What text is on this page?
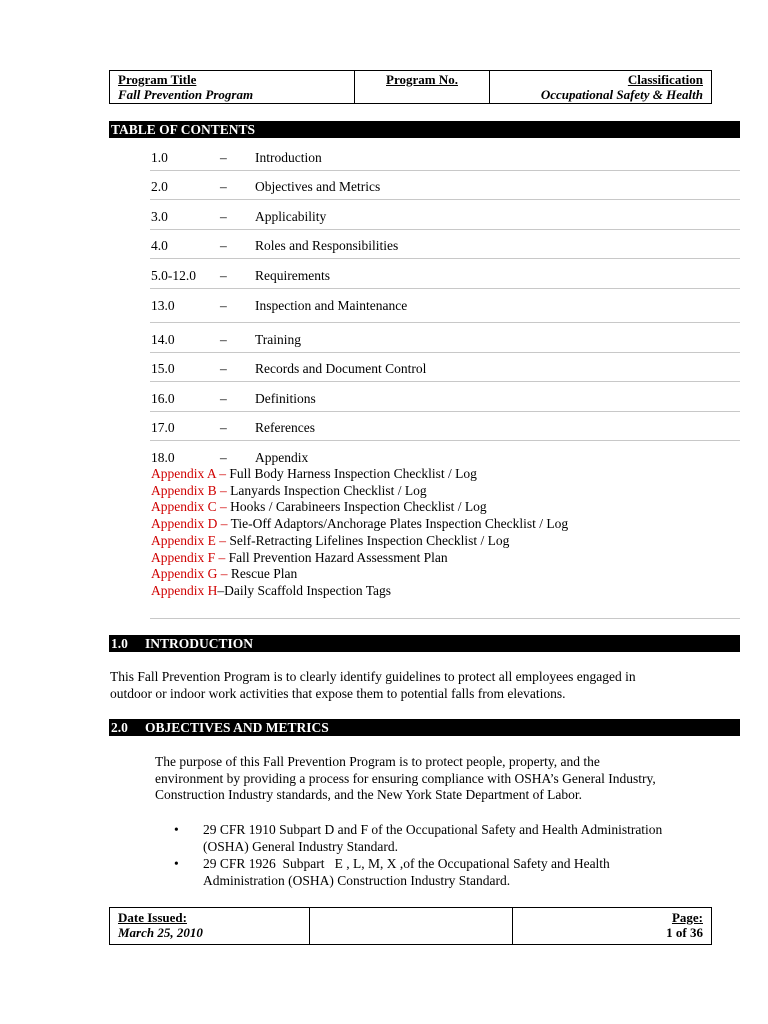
Program Title
Fall Prevention Program
Program No.	Classification
Occupational Safety & Health
TABLE OF CONTENTS
1.0	– Introduction
2.0	– Objectives and Metrics
3.0	– Applicability
4.0	– Roles and Responsibilities
5.0-12.0 – Requirements
13.0	– Inspection and Maintenance
14.0	– Training
15.0	– Records and Document Control
16.0	– Definitions
17.0	– References
18.0	– Appendix
Appendix A – Full Body Harness Inspection Checklist / Log
Appendix B – Lanyards Inspection Checklist / Log
Appendix C – Hooks / Carabineers Inspection Checklist / Log
Appendix D – Tie-Off Adaptors/Anchorage Plates Inspection Checklist / Log
Appendix E – Self-Retracting Lifelines Inspection Checklist / Log
Appendix F – Fall Prevention Hazard Assessment Plan
Appendix G – Rescue Plan
Appendix H–Daily Scaffold Inspection Tags
1.0 INTRODUCTION
This Fall Prevention Program is to clearly identify guidelines to protect all employees engaged in
outdoor or indoor work activities that expose them to potential falls from elevations.
2.0 OBJECTIVES AND METRICS
The purpose of this Fall Prevention Program is to protect people, property, and the
environment by providing a process for ensuring compliance with OSHA’s General Industry,
Construction Industry standards, and the New York State Department of Labor.
• 29 CFR 1910 Subpart D and F of the Occupational Safety and Health Administration
(OSHA) General Industry Standard.
• 29 CFR 1926  Subpart   E , L, M, X ,of the Occupational Safety and Health
Administration (OSHA) Construction Industry Standard.
Date Issued:
March 25, 2010
Page:
1 of 36
